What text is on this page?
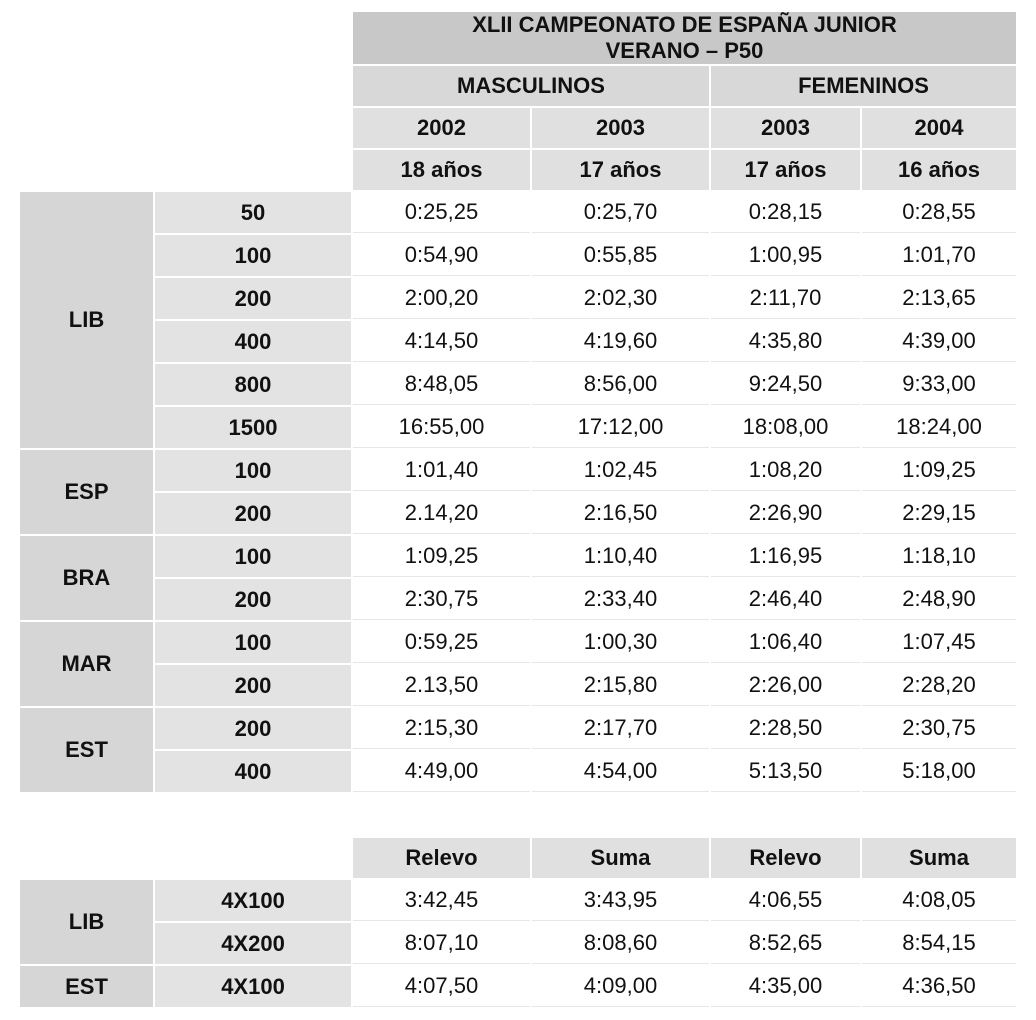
		XLII CAMPEONATO DE ESPAÑA JUNIOR
VERANO – P50			

		MASCULINOS		FEMENINOS	
		2002	2003	2003	2004
		18 años	17 años	17 años	16 años
LIB	50	0:25,25	0:25,70	0:28,15	0:28,55
	100	0:54,90	0:55,85	1:00,95	1:01,70
	200	2:00,20	2:02,30	2:11,70	2:13,65
	400	4:14,50	4:19,60	4:35,80	4:39,00
	800	8:48,05	8:56,00	9:24,50	9:33,00
	1500	16:55,00	17:12,00	18:08,00	18:24,00
ESP	100	1:01,40	1:02,45	1:08,20	1:09,25
	200	2.14,20	2:16,50	2:26,90	2:29,15
BRA	100	1:09,25	1:10,40	1:16,95	1:18,10
	200	2:30,75	2:33,40	2:46,40	2:48,90
MAR	100	0:59,25	1:00,30	1:06,40	1:07,45
	200	2.13,50	2:15,80	2:26,00	2:28,20
EST	200	2:15,30	2:17,70	2:28,50	2:30,75
	400	4:49,00	4:54,00	5:13,50	5:18,00
		Relevo	Suma	Relevo	Suma
LIB	4X100	3:42,45	3:43,95	4:06,55	4:08,05
	4X200	8:07,10	8:08,60	8:52,65	8:54,15
EST	4X100	4:07,50	4:09,00	4:35,00	4:36,50
